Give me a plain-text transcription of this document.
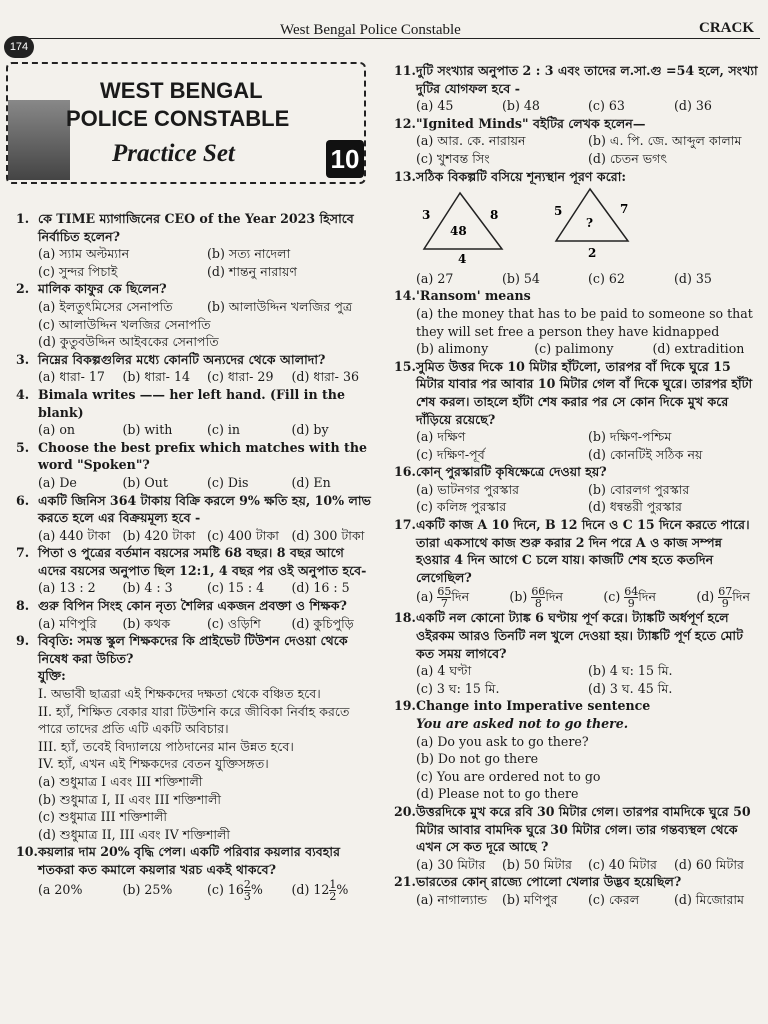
174
West Bengal Police Constable	CRACK
WEST BENGAL
POLICE CONSTABLE
Practice Set	10
1. কে TIME ম্যাগাজিনের CEO of the Year 2023 হিসাবে নির্বাচিত হলেন?
(a) স্যাম অল্টম্যান	(b) সত্য নাদেলা
(c) সুন্দর পিচাই	(d) শান্তনু নারায়ণ
2. মালিক কাফুর কে ছিলেন?
(a) ইলতুৎমিসের সেনাপতি	(b) আলাউদ্দিন খলজির পুত্র
(c) আলাউদ্দিন খলজির সেনাপতি
(d) কুতুবউদ্দিন আইবকের সেনাপতি
3. নিম্নের বিকল্পগুলির মধ্যে কোনটি অন্যদের থেকে আলাদা?
(a) ধারা- 17	(b) ধারা- 14	(c) ধারা- 29	(d) ধারা- 36
4. Bimala writes —— her left hand. (Fill in the blank)
(a) on	(b) with	(c) in	(d) by
5. Choose the best prefix which matches with the word "Spoken"?
(a) De	(b) Out	(c) Dis	(d) En
6. একটি জিনিস 364 টাকায় বিক্রি করলে 9% ক্ষতি হয়, 10% লাভ করতে হলে এর বিক্রয়মূল্য হবে -
(a) 440 টাকা (b) 420 টাকা (c) 400 টাকা (d) 300 টাকা
7. পিতা ও পুত্রের বর্তমান বয়সের সমষ্টি 68 বছর। 8 বছর আগে এদের বয়সের অনুপাত ছিল 12:1, 4 বছর পর ওই অনুপাত হবে-
(a) 13 : 2	(b) 4 : 3	(c) 15 : 4	(d) 16 : 5
8. গুরু বিপিন সিংহ কোন নৃত্য শৈলির একজন প্রবক্তা ও শিক্ষক?
(a) মণিপুরি	(b) কথক	(c) ওড়িশি	(d) কুচিপুড়ি
9. বিবৃতি: সমস্ত স্কুল শিক্ষকদের কি প্রাইভেট টিউশন দেওয়া থেকে নিষেধ করা উচিত?
যুক্তি:
I. অভাবী ছাত্ররা এই শিক্ষকদের দক্ষতা থেকে বঞ্চিত হবে।
II. হ্যাঁ, শিক্ষিত বেকার যারা টিউশনি করে জীবিকা নির্বাহ করতে পারে তাদের প্রতি এটি একটি অবিচার।
III. হ্যাঁ, তবেই বিদ্যালয়ে পাঠদানের মান উন্নত হবে।
IV. হ্যাঁ, এখন এই শিক্ষকদের বেতন যুক্তিসঙ্গত।
(a) শুধুমাত্র I এবং III শক্তিশালী
(b) শুধুমাত্র I, II এবং III শক্তিশালী
(c) শুধুমাত্র III শক্তিশালী
(d) শুধুমাত্র II, III এবং IV শক্তিশালী
10. কয়লার দাম 20% বৃদ্ধি পেল। একটি পরিবার কয়লার ব্যবহার শতকরা কত কমালে কয়লার খরচ একই থাকবে?
(a 20%	(b) 25%	(c) $16 \frac{2}{3}$ %	(d) $12 \frac{1}{2}$ %
11. দুটি সংখ্যার অনুপাত 2 : 3 এবং তাদের ল.সা.গু =54 হলে, সংখ্যা দুটির যোগফল হবে -
(a) 45	(b) 48	(c) 63	(d) 36
12. "Ignited Minds" বইটির লেখক হলেন—
(a) আর. কে. নারায়ন	(b) এ. পি. জে. আব্দুল কালাম
(c) খুশবন্ত সিং	(d) চেতন ভগৎ
13. সঠিক বিকল্পটি বসিয়ে শূন্যস্থান পূরণ করো:
3	8
48
4
5	7
?
2
(a) 27	(b) 54	(c) 62	(d) 35
14. 'Ransom' means
(a) the money that has to be paid to someone so that they will set free a person they have kidnapped
(b) alimony	(c) palimony	(d) extradition
15. সুমিত উত্তর দিকে 10 মিটার হাঁটলো, তারপর বাঁ দিকে ঘুরে 15 মিটার যাবার পর আবার 10 মিটার গেল বাঁ দিকে ঘুরে। তারপর হাঁটা শেষ করল। তাহলে হাঁটা শেষ করার পর সে কোন দিকে মুখ করে দাঁড়িয়ে রয়েছে?
(a) দক্ষিণ	(b) দক্ষিণ-পশ্চিম
(c) দক্ষিণ-পূর্ব	(d) কোনটিই সঠিক নয়
16. কোন্ পুরস্কারটি কৃষিক্ষেত্রে দেওয়া হয়?
(a) ভাটনগর পুরস্কার	(b) বোরলগ পুরস্কার
(c) কলিঙ্গ পুরস্কার	(d) ধন্বন্তরী পুরস্কার
17. একটি কাজ A 10 দিনে, B 12 দিনে ও C 15 দিনে করতে পারে। তারা একসাথে কাজ শুরু করার 2 দিন পরে A ও কাজ সম্পন্ন হওয়ার 4 দিন আগে C চলে যায়। কাজটি শেষ হতে কতদিন লেগেছিল?
$(a) \frac{65}{7}$ দিন	$(b) \frac{66}{8}$ দিন	$(c) \frac{64}{9}$ দিন	$(d) \frac{67}{9}$ দিন
18. একটি নল কোনো ট্যাঙ্ক 6 ঘণ্টায় পূর্ণ করে। ট্যাঙ্কটি অর্ধপূর্ণ হলে ওইরকম আরও তিনটি নল খুলে দেওয়া হয়। ট্যাঙ্কটি পূর্ণ হতে মোট কত সময় লাগবে?
(a) 4 ঘণ্টা	(b) 4 ঘ: 15 মি.
(c) 3 ঘ: 15 মি.	(d) 3 ঘ. 45 মি.
19. Change into Imperative sentence
You are asked not to go there.
(a) Do you ask to go there?
(b) Do not go there
(c) You are ordered not to go
(d) Please not to go there
20. উত্তরদিকে মুখ করে রবি 30 মিটার গেল। তারপর বামদিকে ঘুরে 50 মিটার আবার বামদিক ঘুরে 30 মিটার গেল। তার গন্তব্যস্থল থেকে এখন সে কত দূরে আছে ?
(a) 30 মিটার	(b) 50 মিটার	(c) 40 মিটার	(d) 60 মিটার
21. ভারতের কোন্ রাজ্যে পোলো খেলার উদ্ভব হয়েছিল?
(a) নাগাল্যান্ড	(b) মণিপুর	(c) কেরল	(d) মিজোরাম
